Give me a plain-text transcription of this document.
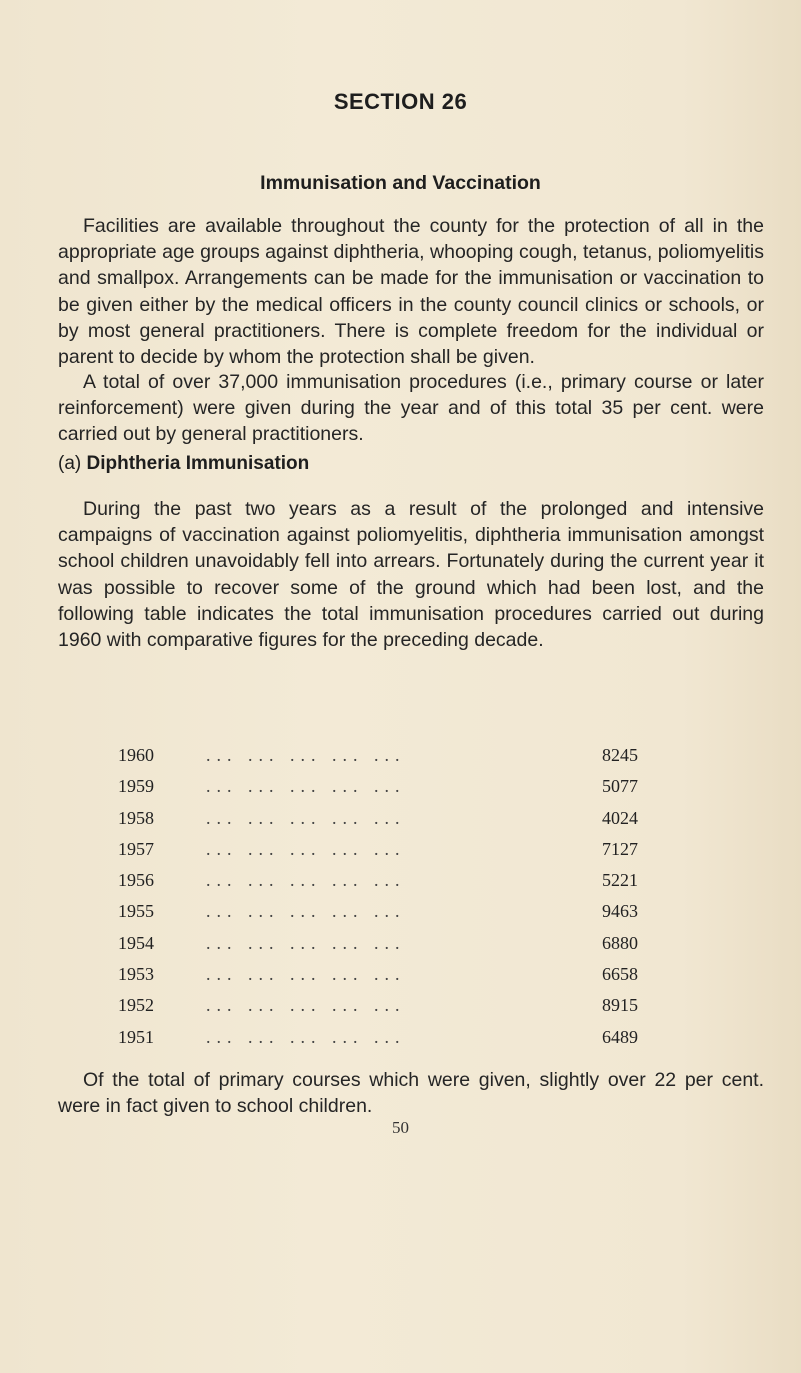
SECTION 26
Immunisation and Vaccination

Facilities are available throughout the county for the protection of all in the appropriate age groups against diphtheria, whooping cough, tetanus, poliomyelitis and smallpox. Arrangements can be made for the immunisation or vaccination to be given either by the medical officers in the county council clinics or schools, or by most general practitioners. There is complete freedom for the individual or parent to decide by whom the protection shall be given.

A total of over 37,000 immunisation procedures (i.e., primary course or later reinforcement) were given during the year and of this total 35 per cent. were carried out by general practitioners.

(a) Diphtheria Immunisation

During the past two years as a result of the prolonged and intensive campaigns of vaccination against poliomyelitis, diphtheria immunisation amongst school children unavoidably fell into arrears. Fortunately during the current year it was possible to recover some of the ground which had been lost, and the following table indicates the total immunisation procedures carried out during 1960 with comparative figures for the preceding decade.

1960	... ... ... ... ...	8245
1959	... ... ... ... ...	5077
1958	... ... ... ... ...	4024
1957	... ... ... ... ...	7127
1956	... ... ... ... ...	5221
1955	... ... ... ... ...	9463
1954	... ... ... ... ...	6880
1953	... ... ... ... ...	6658
1952	... ... ... ... ...	8915
1951	... ... ... ... ...	6489

Of the total of primary courses which were given, slightly over 22 per cent. were in fact given to school children.

50
